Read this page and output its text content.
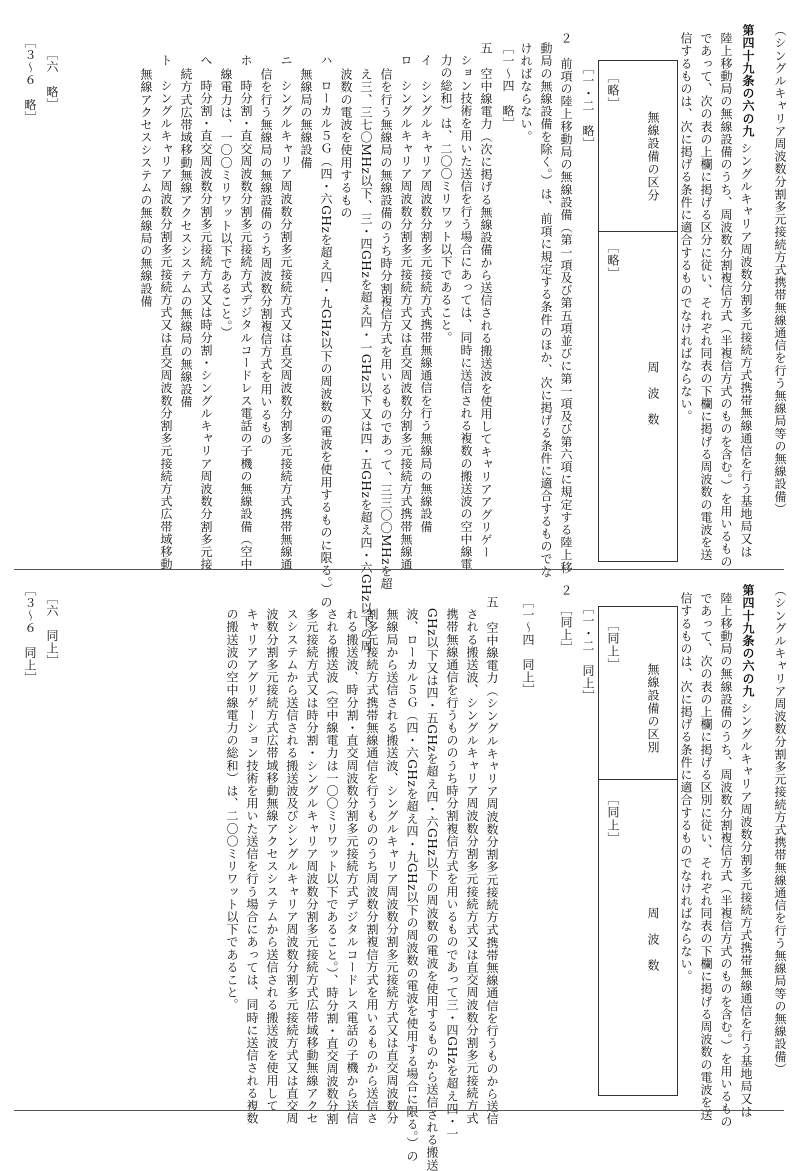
（シングルキャリア周波数分割多元接続方式携帯無線通信を行う無線局等の無線設備）
第四十九条の六の九
シングルキャリア周波数分割多元接続方式携帯無線通信を行う基地局又は
陸上移動局の無線設備のうち、周波数分割複信方式（半複信方式のものを含む。）を用いるもの
であって、次の表の上欄に掲げる区分に従い、それぞれ同表の下欄に掲げる周波数の電波を送
信するものは、次に掲げる条件に適合するものでなければならない。
無線設備の区分
周　波　数
［略］
［略］
［一・二　略］
２　前項の陸上移動局の無線設備（第一項及び第五項並びに第一項及び第六項に規定する陸上移
動局の無線設備を除く。）は、前項に規定する条件のほか、次に掲げる条件に適合するものでな
ければならない。
［一〜四　略］
五　空中線電力（次に掲げる無線設備から送信される搬送波を使用してキャリアアグリゲー
ション技術を用いた送信を行う場合にあっては、同時に送信される複数の搬送波の空中線電
力の総和）は、二〇〇ミリワット以下であること。
イ　シングルキャリア周波数分割多元接続方式携帯無線通信を行う無線局の無線設備
ロ　シングルキャリア周波数分割多元接続方式又は直交周波数分割多元接続方式携帯無線通
信を行う無線局の無線設備のうち時分割複信方式を用いるものであって、三三〇〇MHzを超
え三、三七〇MHz以下、三・四GHzを超え四・一GHz以下又は四・五GHzを超え四・六GHz以下の周
波数の電波を使用するもの
ハ　ローカル５Ｇ（四・六GHzを超え四・九GHz以下の周波数の電波を使用するものに限る。）の
無線局の無線設備
ニ　シングルキャリア周波数分割多元接続方式又は直交周波数分割多元接続方式携帯無線通
信を行う無線局の無線設備のうち周波数分割複信方式を用いるもの
ホ　時分割・直交周波数分割多元接続方式デジタルコードレス電話の子機の無線設備（空中
線電力は、一〇〇ミリワット以下であること。）
へ　時分割・直交周波数分割多元接続方式又は時分割・シングルキャリア周波数分割多元接
続方式広帯域移動無線アクセスシステムの無線局の無線設備
ト　シングルキャリア周波数分割多元接続方式又は直交周波数分割多元接続方式広帯域移動
無線アクセスシステムの無線局の無線設備
［六　略］
［３〜６　略］
（シングルキャリア周波数分割多元接続方式携帯無線通信を行う無線局等の無線設備）
第四十九条の六の九
シングルキャリア周波数分割多元接続方式携帯無線通信を行う基地局又は
陸上移動局の無線設備のうち、周波数分割複信方式（半複信方式のものを含む。）を用いるもの
であって、次の表の上欄に掲げる区別に従い、それぞれ同表の下欄に掲げる周波数の電波を送
信するものは、次に掲げる条件に適合するものでなければならない。
無線設備の区別
周　波　数
［同上］
［同上］
［一・二　同上］
２　［同上］
［一〜四　同上］
五　空中線電力（シングルキャリア周波数分割多元接続方式携帯無線通信を行うものから送信
される搬送波、シングルキャリア周波数分割多元接続方式又は直交周波数分割多元接続方式
携帯無線通信を行うもののうち時分割複信方式を用いるものであって三・四GHzを超え四・一
GHz以下又は四・五GHzを超え四・六GHz以下の周波数の電波を使用するものから送信される搬送
波、ローカル５Ｇ（四・六GHzを超え四・九GHz以下の周波数の電波を使用する場合に限る。）の
無線局から送信される搬送波、シングルキャリア周波数分割多元接続方式又は直交周波数分
割多元接続方式携帯無線通信を行うもののうち周波数分割複信方式を用いるものから送信さ
れる搬送波、時分割・直交周波数分割多元接続方式デジタルコードレス電話の子機から送信
される搬送波（空中線電力は一〇〇ミリワット以下であること。）、時分割・直交周波数分割
多元接続方式又は時分割・シングルキャリア周波数分割多元接続方式広帯域移動無線アクセ
スシステムから送信される搬送波及びシングルキャリア周波数分割多元接続方式又は直交周
波数分割多元接続方式広帯域移動無線アクセスシステムから送信される搬送波を使用して
キャリアアグリゲーション技術を用いた送信を行う場合にあっては、同時に送信される複数
の搬送波の空中線電力の総和）は、二〇〇ミリワット以下であること。
［六　同上］
［３〜６　同上］
